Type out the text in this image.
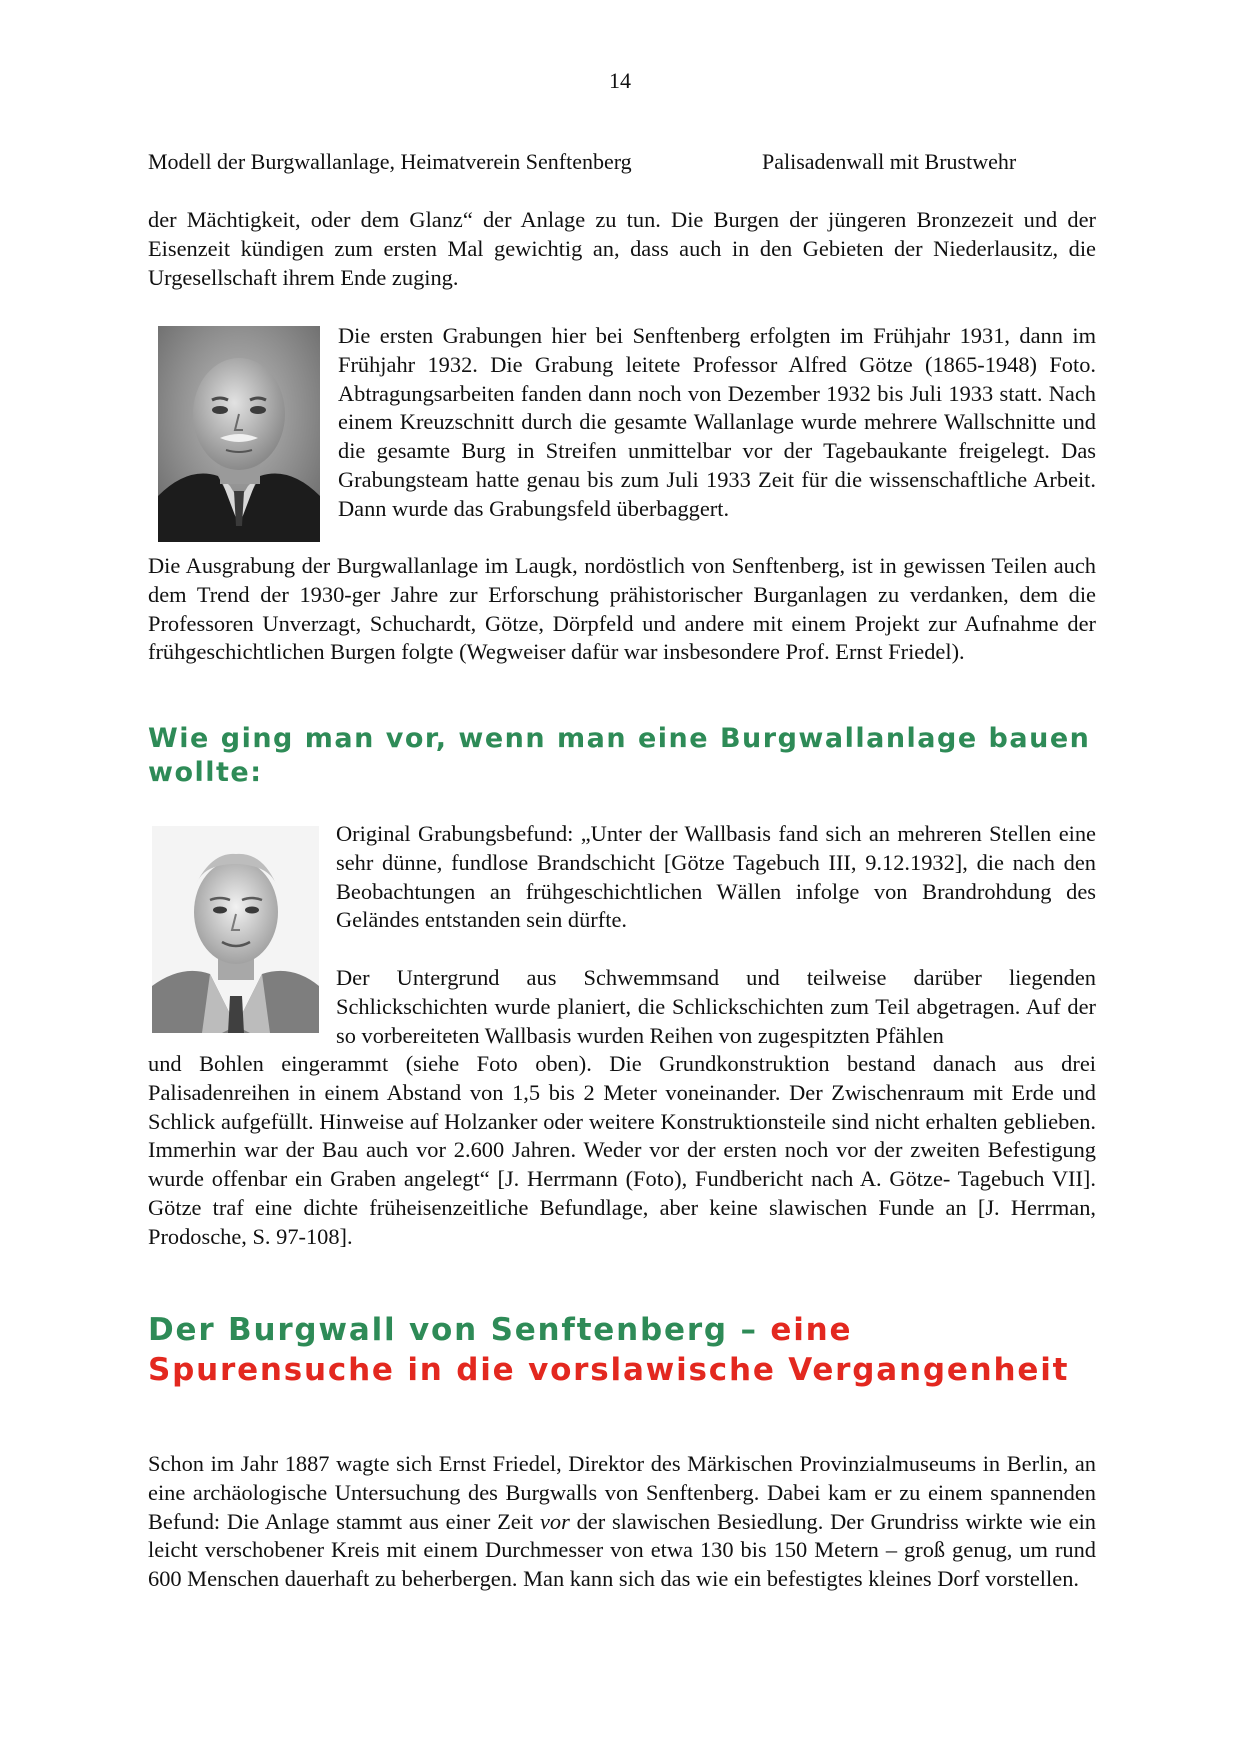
14
Modell der Burgwallanlage, Heimatverein Senftenberg	Palisadenwall mit Brustwehr

der Mächtigkeit, oder dem Glanz“ der Anlage zu tun. Die Burgen der jüngeren Bronzezeit und der Eisenzeit kündigen zum ersten Mal gewichtig an, dass auch in den Gebieten der Niederlausitz, die Urgesellschaft ihrem Ende zuging.

Die ersten Grabungen hier bei Senftenberg erfolgten im Frühjahr 1931, dann im Frühjahr 1932. Die Grabung leitete Professor Alfred Götze (1865-1948) Foto. Abtragungsarbeiten fanden dann noch von Dezember 1932 bis Juli 1933 statt. Nach einem Kreuzschnitt durch die gesamte Wallanlage wurde mehrere Wallschnitte und die gesamte Burg in Streifen unmittelbar vor der Tagebaukante freigelegt. Das Grabungsteam hatte genau bis zum Juli 1933 Zeit für die wissenschaftliche Arbeit. Dann wurde das Grabungsfeld überbaggert.

Die Ausgrabung der Burgwallanlage im Laugk, nordöstlich von Senftenberg, ist in gewissen Teilen auch dem Trend der 1930-ger Jahre zur Erforschung prähistorischer Burganlagen zu verdanken, dem die Professoren Unverzagt, Schuchardt, Götze, Dörpfeld und andere mit einem Projekt zur Aufnahme der frühgeschichtlichen Burgen folgte (Wegweiser dafür war insbesondere Prof. Ernst Friedel).

Wie ging man vor, wenn man eine Burgwallanlage bauen wollte:

Original Grabungsbefund: „Unter der Wallbasis fand sich an mehreren Stellen eine sehr dünne, fundlose Brandschicht [Götze Tagebuch III, 9.12.1932], die nach den Beobachtungen an frühgeschichtlichen Wällen infolge von Brandrohdung des Geländes entstanden sein dürfte.

Der Untergrund aus Schwemmsand und teilweise darüber liegenden Schlickschichten wurde planiert, die Schlickschichten zum Teil abgetragen. Auf der so vorbereiteten Wallbasis wurden Reihen von zugespitzten Pfählen

und Bohlen eingerammt (siehe Foto oben). Die Grundkonstruktion bestand danach aus drei Palisadenreihen in einem Abstand von 1,5 bis 2 Meter voneinander. Der Zwischenraum mit Erde und Schlick aufgefüllt. Hinweise auf Holzanker oder weitere Konstruktionsteile sind nicht erhalten geblieben. Immerhin war der Bau auch vor 2.600 Jahren. Weder vor der ersten noch vor der zweiten Befestigung wurde offenbar ein Graben angelegt“ [J. Herrmann (Foto), Fundbericht nach A. Götze- Tagebuch VII]. Götze traf eine dichte früheisenzeitliche Befundlage, aber keine slawischen Funde an [J. Herrman, Prodosche, S. 97-108].

Der Burgwall von Senftenberg – eine Spurensuche in die vorslawische Vergangenheit

Schon im Jahr 1887 wagte sich Ernst Friedel, Direktor des Märkischen Provinzialmuseums in Berlin, an eine archäologische Untersuchung des Burgwalls von Senftenberg. Dabei kam er zu einem spannenden Befund: Die Anlage stammt aus einer Zeit vor der slawischen Besiedlung. Der Grundriss wirkte wie ein leicht verschobener Kreis mit einem Durchmesser von etwa 130 bis 150 Metern – groß genug, um rund 600 Menschen dauerhaft zu beherbergen. Man kann sich das wie ein befestigtes kleines Dorf vorstellen.
